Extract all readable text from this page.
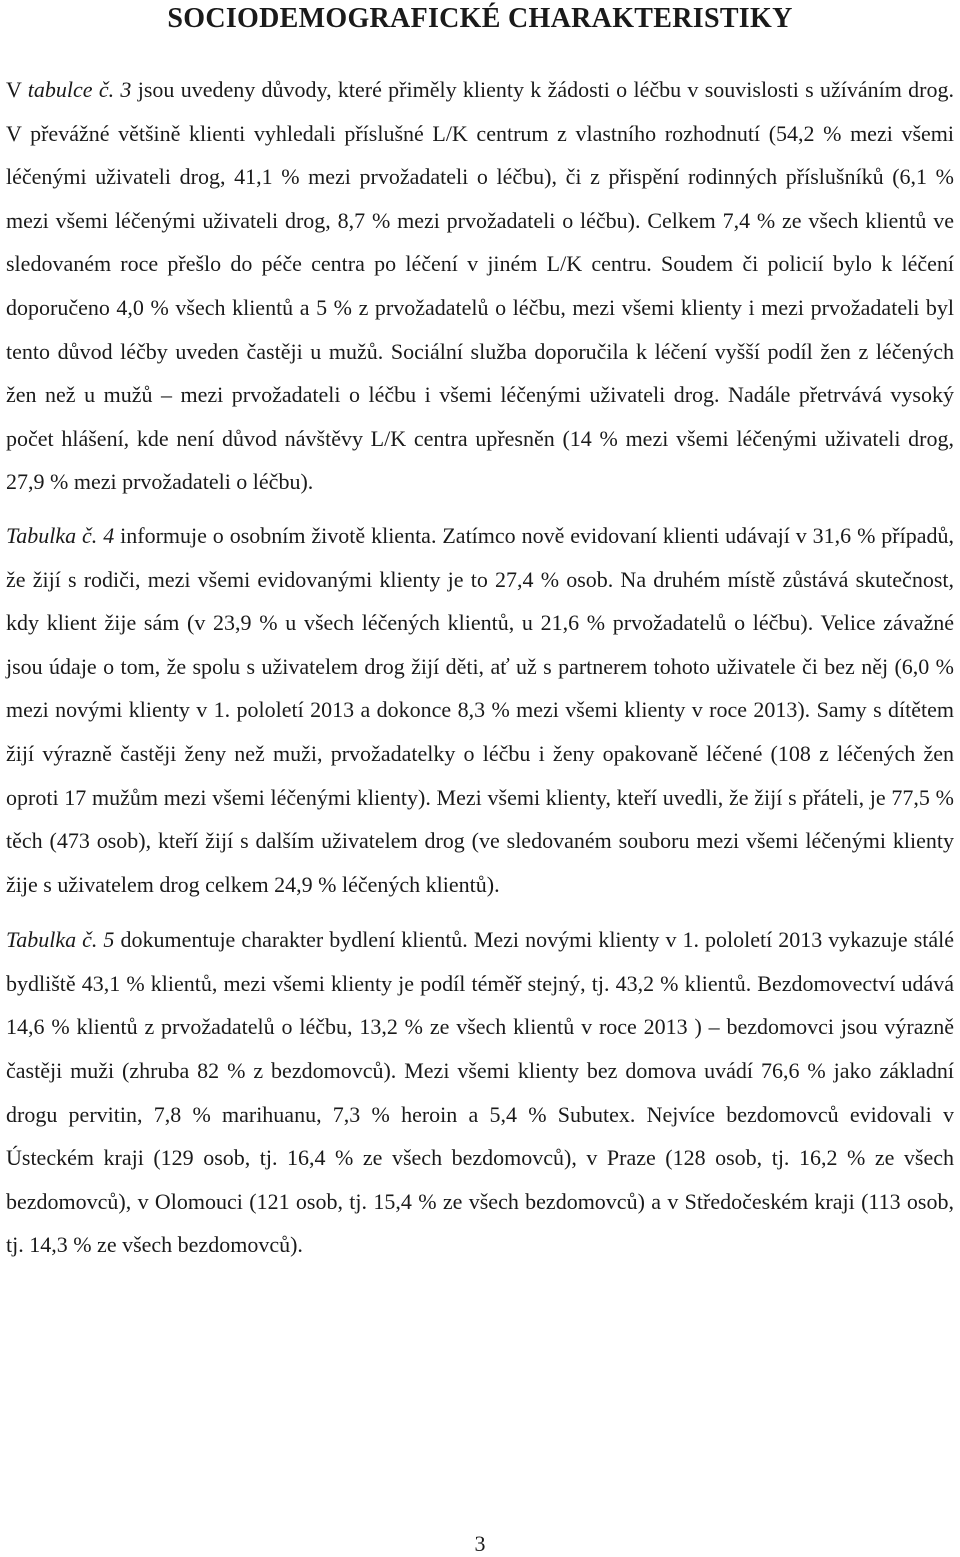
SOCIODEMOGRAFICKÉ CHARAKTERISTIKY

V tabulce č. 3 jsou uvedeny důvody, které přiměly klienty k žádosti o léčbu v souvislosti s užíváním drog. V převážné většině klienti vyhledali příslušné L/K centrum z vlastního rozhodnutí (54,2 % mezi všemi léčenými uživateli drog, 41,1 % mezi prvožadateli o léčbu), či z přispění rodinných příslušníků (6,1 % mezi všemi léčenými uživateli drog, 8,7 % mezi prvožadateli o léčbu). Celkem 7,4 % ze všech klientů ve sledovaném roce přešlo do péče centra po léčení v jiném L/K centru. Soudem či policií bylo k léčení doporučeno 4,0 % všech klientů a 5 % z prvožadatelů o léčbu, mezi všemi klienty i mezi prvožadateli byl tento důvod léčby uveden častěji u mužů. Sociální služba doporučila k léčení vyšší podíl žen z léčených žen než u mužů – mezi prvožadateli o léčbu i všemi léčenými uživateli drog. Nadále přetrvává vysoký počet hlášení, kde není důvod návštěvy L/K centra upřesněn (14 % mezi všemi léčenými uživateli drog, 27,9 % mezi prvožadateli o léčbu).

Tabulka č. 4 informuje o osobním životě klienta. Zatímco nově evidovaní klienti udávají v 31,6 % případů, že žijí s rodiči, mezi všemi evidovanými klienty je to 27,4 % osob. Na druhém místě zůstává skutečnost, kdy klient žije sám (v 23,9 % u všech léčených klientů, u 21,6 % prvožadatelů o léčbu). Velice závažné jsou údaje o tom, že spolu s uživatelem drog žijí děti, ať už s partnerem tohoto uživatele či bez něj (6,0 % mezi novými klienty v 1. pololetí 2013 a dokonce 8,3 % mezi všemi klienty v roce 2013). Samy s dítětem žijí výrazně častěji ženy než muži, prvožadatelky o léčbu i ženy opakovaně léčené (108 z léčených žen oproti 17 mužům mezi všemi léčenými klienty). Mezi všemi klienty, kteří uvedli, že žijí s přáteli, je 77,5 % těch (473 osob), kteří žijí s dalším uživatelem drog (ve sledovaném souboru mezi všemi léčenými klienty žije s uživatelem drog celkem 24,9 % léčených klientů).

Tabulka č. 5 dokumentuje charakter bydlení klientů. Mezi novými klienty v 1. pololetí 2013 vykazuje stálé bydliště 43,1 % klientů, mezi všemi klienty je podíl téměř stejný, tj. 43,2 % klientů. Bezdomovectví udává 14,6 % klientů z prvožadatelů o léčbu, 13,2 % ze všech klientů v roce 2013 ) – bezdomovci jsou výrazně častěji muži (zhruba 82 % z bezdomovců). Mezi všemi klienty bez domova uvádí 76,6 % jako základní drogu pervitin, 7,8 % marihuanu, 7,3 % heroin a 5,4 % Subutex. Nejvíce bezdomovců evidovali v Ústeckém kraji (129 osob, tj. 16,4 % ze všech bezdomovců), v Praze (128 osob, tj. 16,2 % ze všech bezdomovců), v Olomouci (121 osob, tj. 15,4 % ze všech bezdomovců) a v Středočeském kraji (113 osob, tj. 14,3 % ze všech bezdomovců).

3
